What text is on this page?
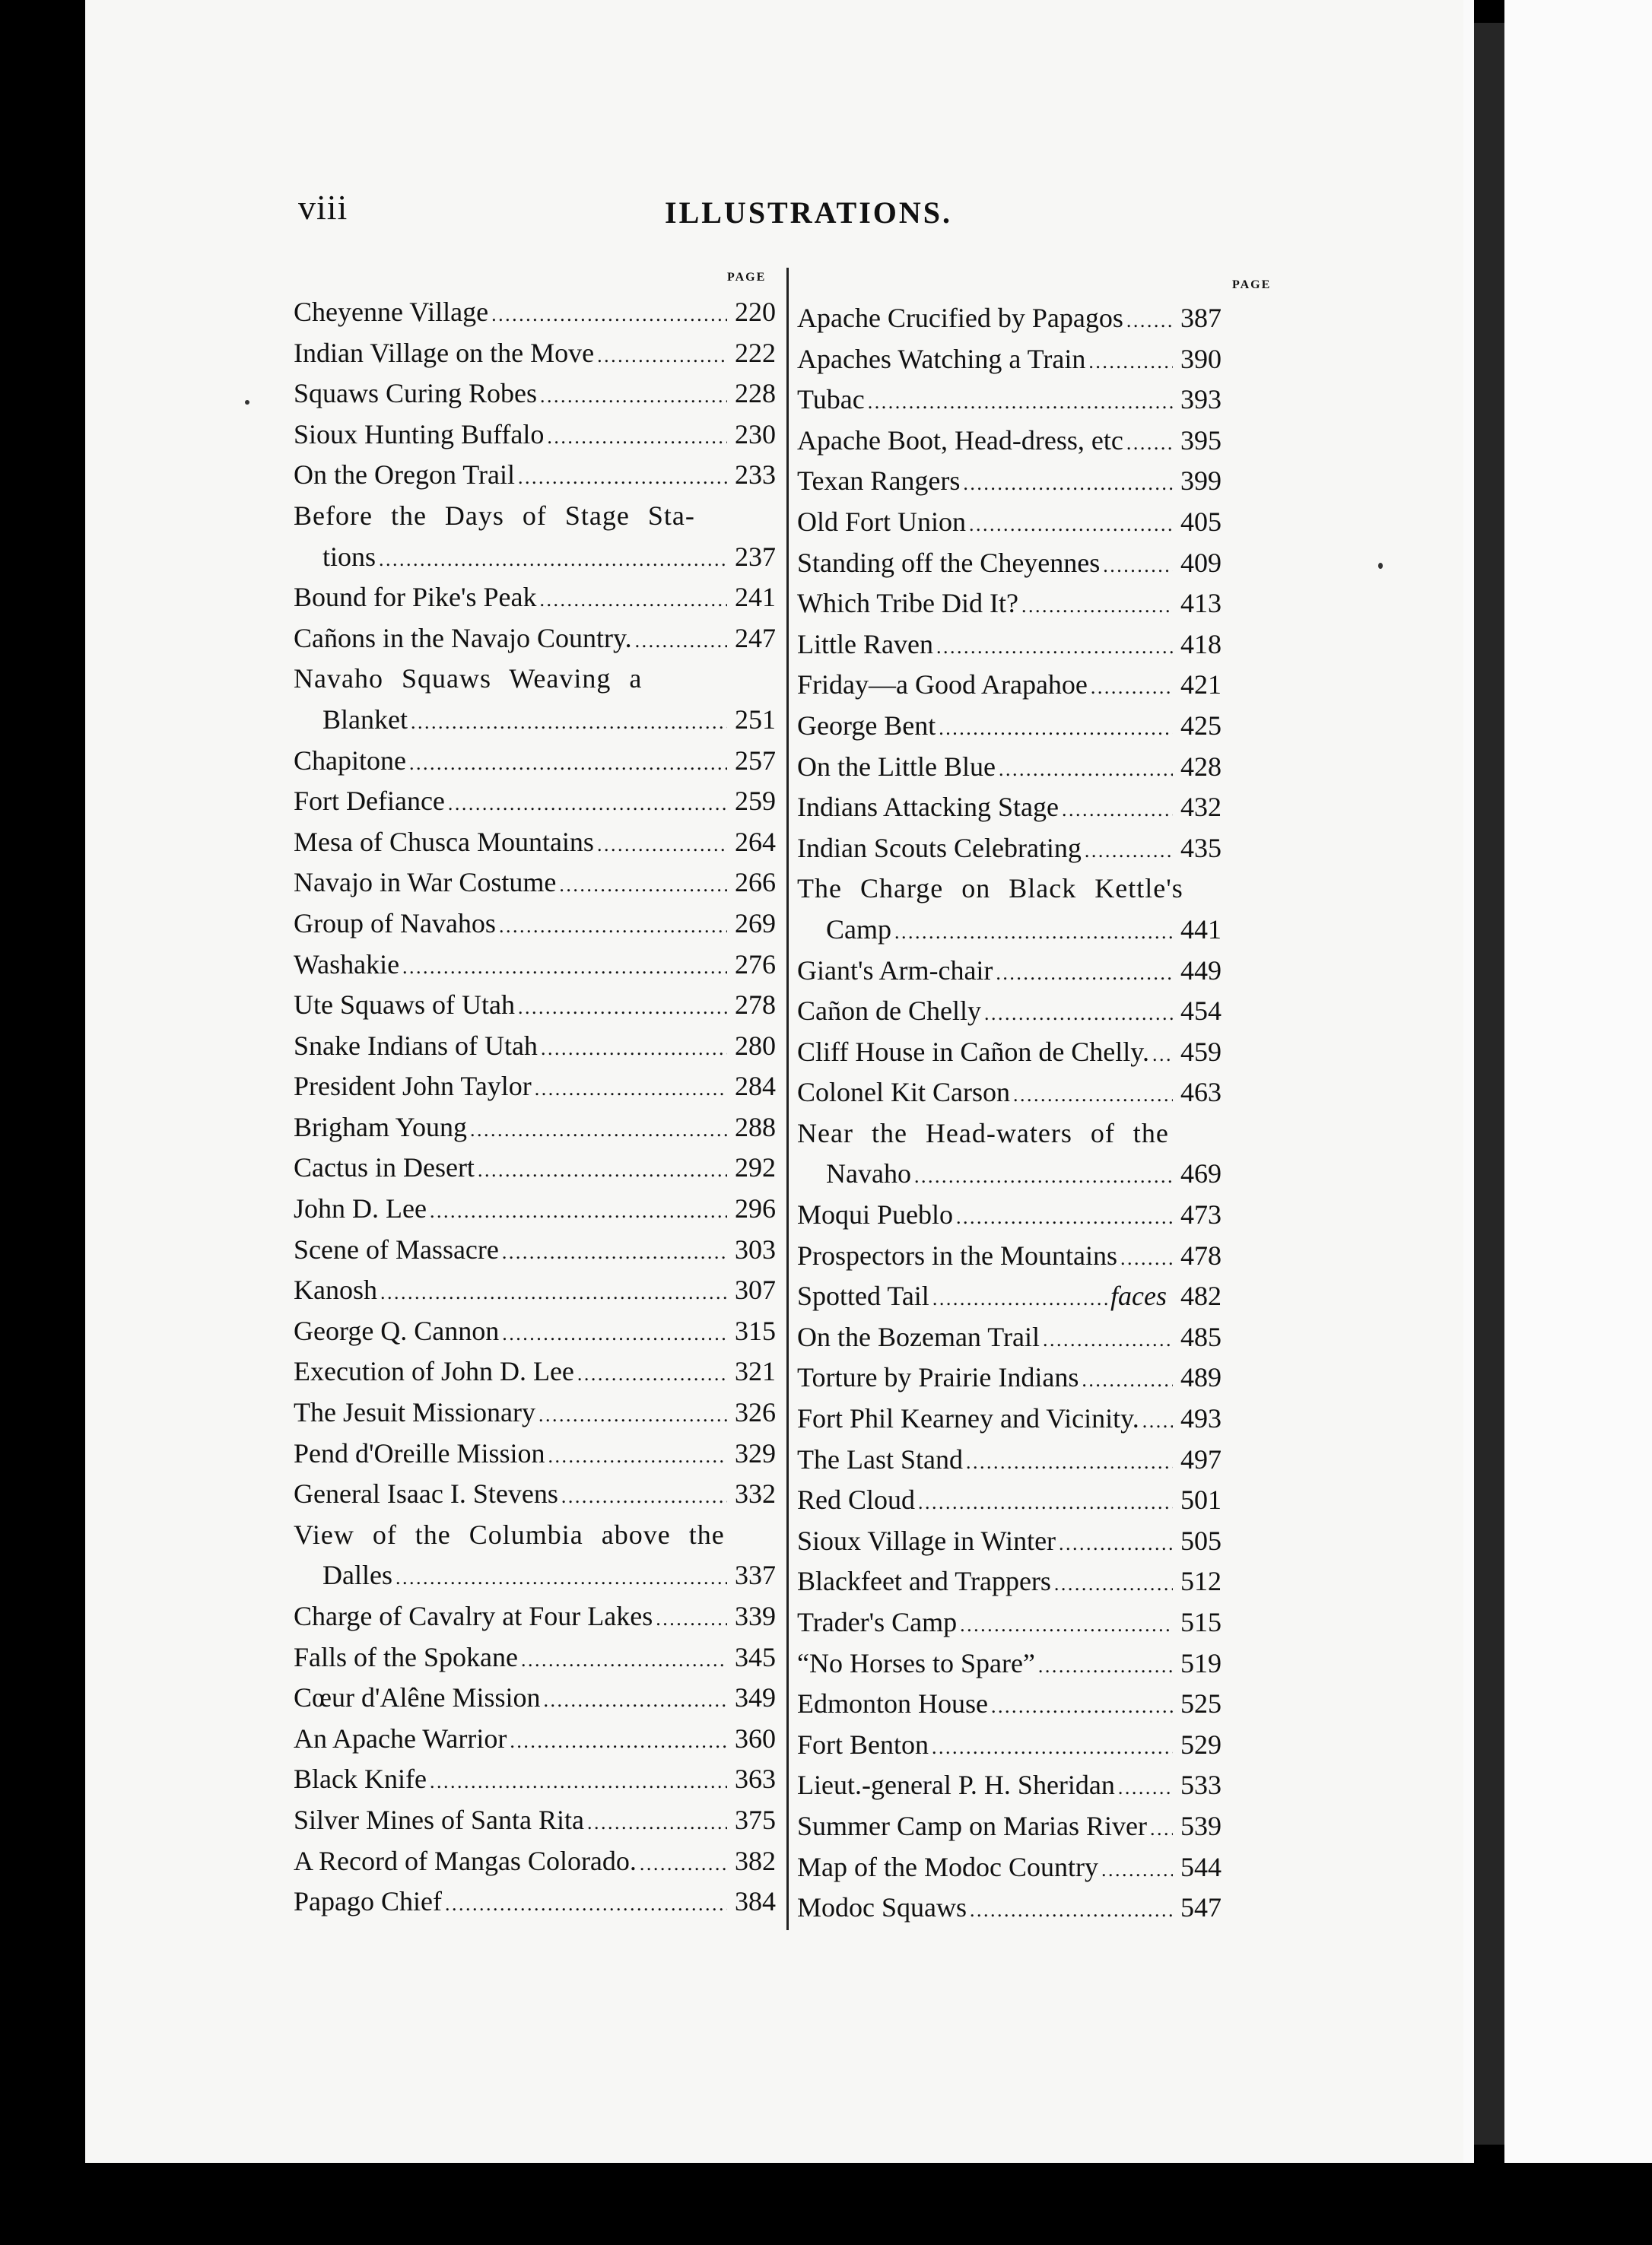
viii	ILLUSTRATIONS.
PAGE
PAGE
Cheyenne Village . . .	220
Indian Village on the Move . . .	222
Squaws Curing Robes . . .	228
Sioux Hunting Buffalo . . .	230
On the Oregon Trail . . .	233
Before the Days of Stage Sta-
tions . . .	237
Bound for Pike's Peak . . .	241
Cañons in the Navajo Country. . . .	247
Navaho Squaws Weaving a
Blanket . . .	251
Chapitone . . .	257
Fort Defiance . . .	259
Mesa of Chusca Mountains . . .	264
Navajo in War Costume . . .	266
Group of Navahos . . .	269
Washakie . . .	276
Ute Squaws of Utah . . .	278
Snake Indians of Utah . . .	280
President John Taylor . . .	284
Brigham Young . . .	288
Cactus in Desert . . .	292
John D. Lee . . .	296
Scene of Massacre . . .	303
Kanosh . . .	307
George Q. Cannon . . .	315
Execution of John D. Lee . . .	321
The Jesuit Missionary . . .	326
Pend d'Oreille Mission . . .	329
General Isaac I. Stevens . . .	332
View of the Columbia above the
Dalles . . .	337
Charge of Cavalry at Four Lakes . . .	339
Falls of the Spokane . . .	345
Cœur d'Alêne Mission . . .	349
An Apache Warrior . . .	360
Black Knife . . .	363
Silver Mines of Santa Rita . . .	375
A Record of Mangas Colorado. . . .	382
Papago Chief . . .	384
Apache Crucified by Papagos . . . 387
Apaches Watching a Train . . .	390
Tubac . . .	393
Apache Boot, Head-dress, etc . . . 395
Texan Rangers . . .	399
Old Fort Union . . .	405
Standing off the Cheyennes . . .	409
Which Tribe Did It? . . .	413
Little Raven . . .	418
Friday—a Good Arapahoe . . .	421
George Bent . . .	425
On the Little Blue . . .	428
Indians Attacking Stage . . .	432
Indian Scouts Celebrating . . .	435
The Charge on Black Kettle's
Camp . . .	441
Giant's Arm-chair . . .	449
Cañon de Chelly . . .	454
Cliff House in Cañon de Chelly. . . . 459
Colonel Kit Carson . . .	463
Near the Head-waters of the
Navaho . . .	469
Moqui Pueblo . . .	473
Prospectors in the Mountains . . . 478
Spotted Tail . . .	faces 482
On the Bozeman Trail . . .	485
Torture by Prairie Indians . . .	489
Fort Phil Kearney and Vicinity. . . . 493
The Last Stand . . .	497
Red Cloud . . .	501
Sioux Village in Winter . . .	505
Blackfeet and Trappers . . .	512
Trader's Camp . . .	515
“No Horses to Spare” . . .	519
Edmonton House . . .	525
Fort Benton . . .	529
Lieut.-general P. H. Sheridan . . . 533
Summer Camp on Marias River . . . 539
Map of the Modoc Country . . .	544
Modoc Squaws . . .	547
